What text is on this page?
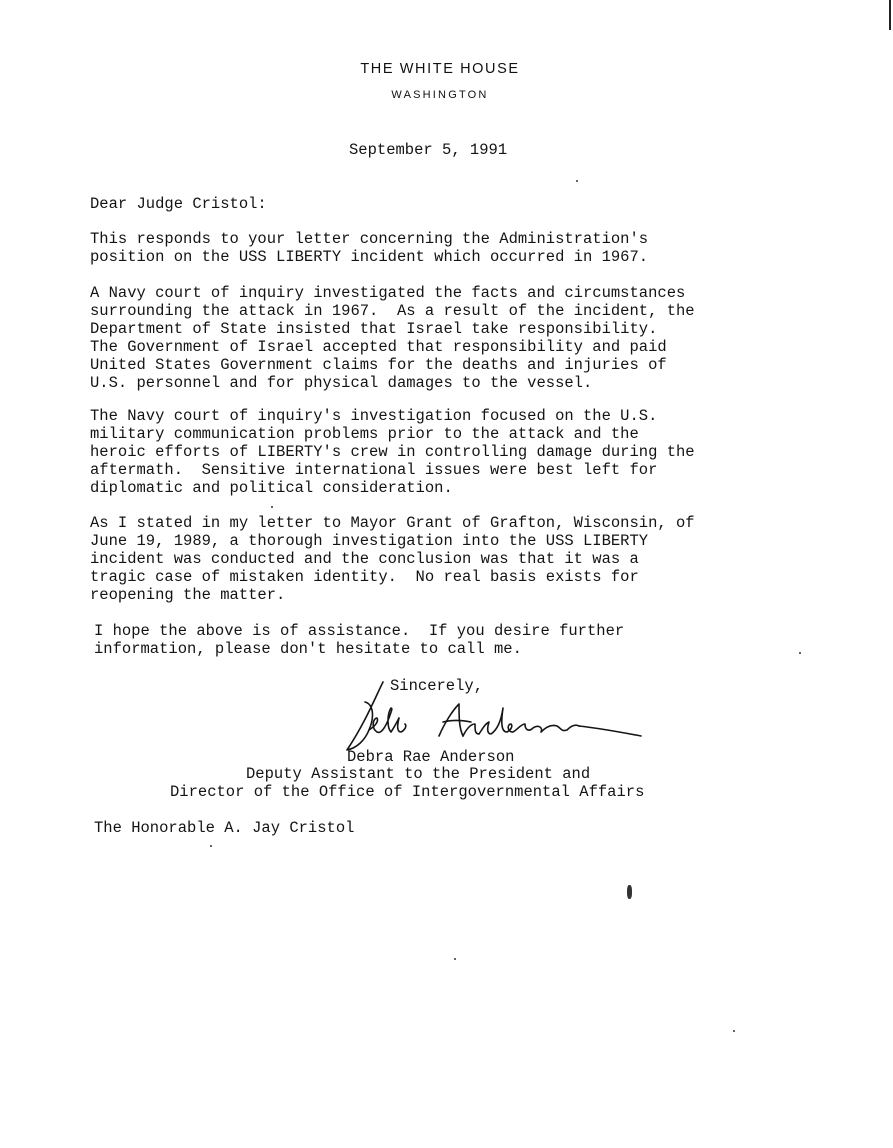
THE WHITE HOUSE
WASHINGTON
September 5, 1991
Dear Judge Cristol:
This responds to your letter concerning the Administration's
position on the USS LIBERTY incident which occurred in 1967.
A Navy court of inquiry investigated the facts and circumstances
surrounding the attack in 1967.  As a result of the incident, the
Department of State insisted that Israel take responsibility.
The Government of Israel accepted that responsibility and paid
United States Government claims for the deaths and injuries of
U.S. personnel and for physical damages to the vessel.
The Navy court of inquiry's investigation focused on the U.S.
military communication problems prior to the attack and the
heroic efforts of LIBERTY's crew in controlling damage during the
aftermath.  Sensitive international issues were best left for
diplomatic and political consideration.
As I stated in my letter to Mayor Grant of Grafton, Wisconsin, of
June 19, 1989, a thorough investigation into the USS LIBERTY
incident was conducted and the conclusion was that it was a
tragic case of mistaken identity.  No real basis exists for
reopening the matter.
I hope the above is of assistance.  If you desire further
information, please don't hesitate to call me.
Sincerely,
Debra Rae Anderson
Deputy Assistant to the President and
Director of the Office of Intergovernmental Affairs
The Honorable A. Jay Cristol
